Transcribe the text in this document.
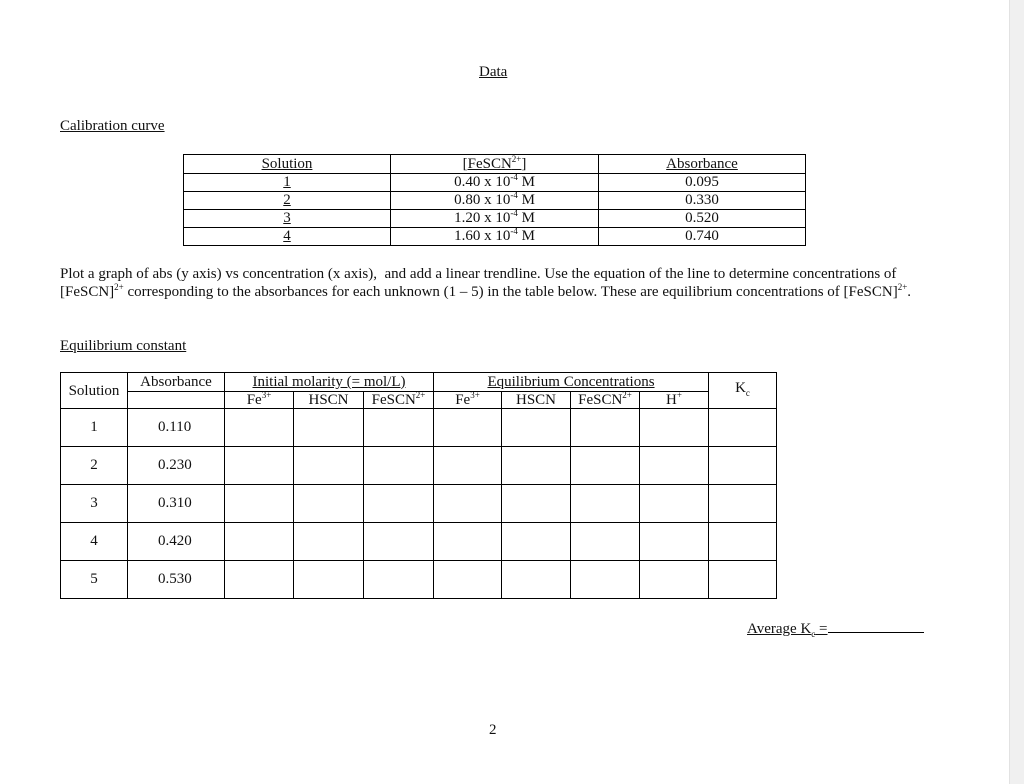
Data
Calibration curve
Solution	[FeSCN$^{2+}$]	Absorbance
1	0.40 x $10^{-4}$ M	0.095
2	0.80 x $10^{-4}$ M	0.330
3	1.20 x $10^{-4}$ M	0.520
4	1.60 x $10^{-4}$ M	0.740
Plot a graph of abs (y axis) vs concentration (x axis),  and add a linear trendline. Use the equation of the line to determine concentrations of [FeSCN]$^{2+}$ corresponding to the absorbances for each unknown (1 – 5) in the table below. These are equilibrium concentrations of [FeSCN]$^{2+}$.
Equilibrium constant
Solution	Absorbance	Initial molarity (= mol/L)			Equilibrium Concentrations				$K_c$
		$Fe^{3+}$	HSCN	FeSCN$^{2+}$	$Fe^{3+}$	HSCN	FeSCN$^{2+}$	H+
1	0.110								
2	0.230								
3	0.310								
4	0.420								
5	0.530								
Average $K_c$ =
2
